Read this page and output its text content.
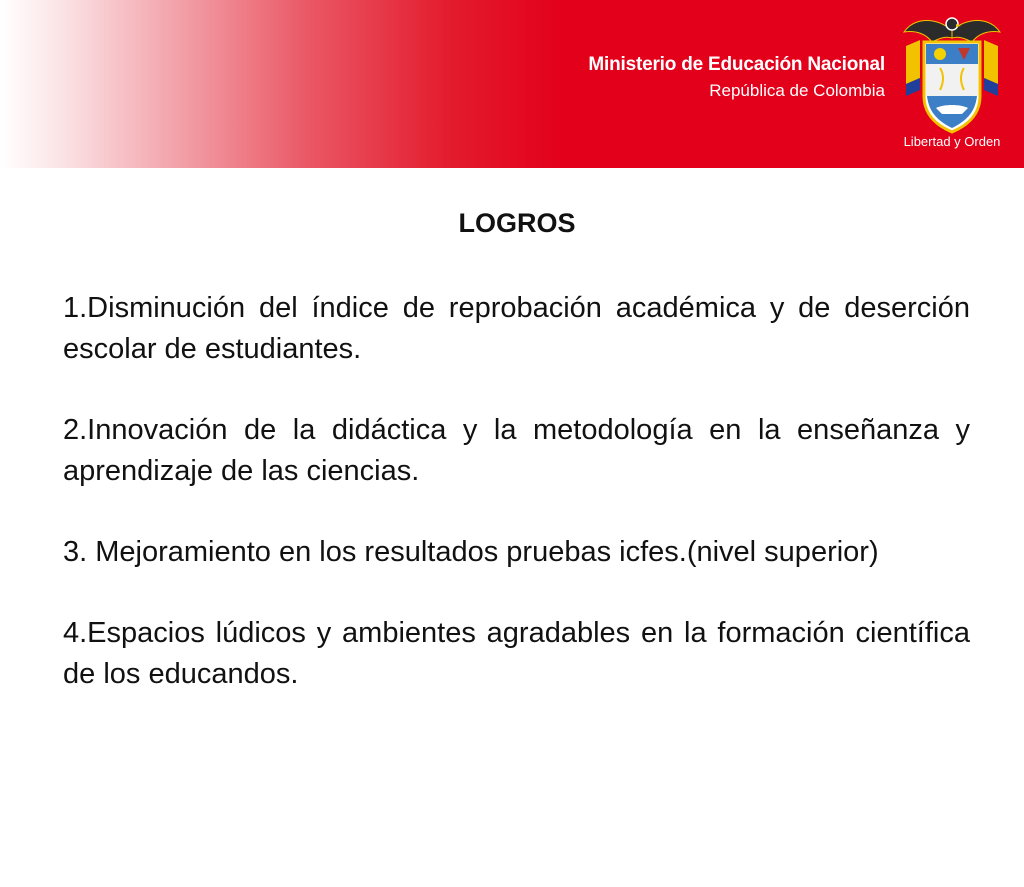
Ministerio de Educación Nacional
República de Colombia
Libertad y Orden
LOGROS

1.Disminución del índice de reprobación académica y de deserción escolar de estudiantes.

2.Innovación de la didáctica y la metodología en la enseñanza y aprendizaje de las ciencias.

3. Mejoramiento en los resultados pruebas icfes.(nivel superior)

4.Espacios lúdicos y ambientes agradables en la formación científica de los educandos.
